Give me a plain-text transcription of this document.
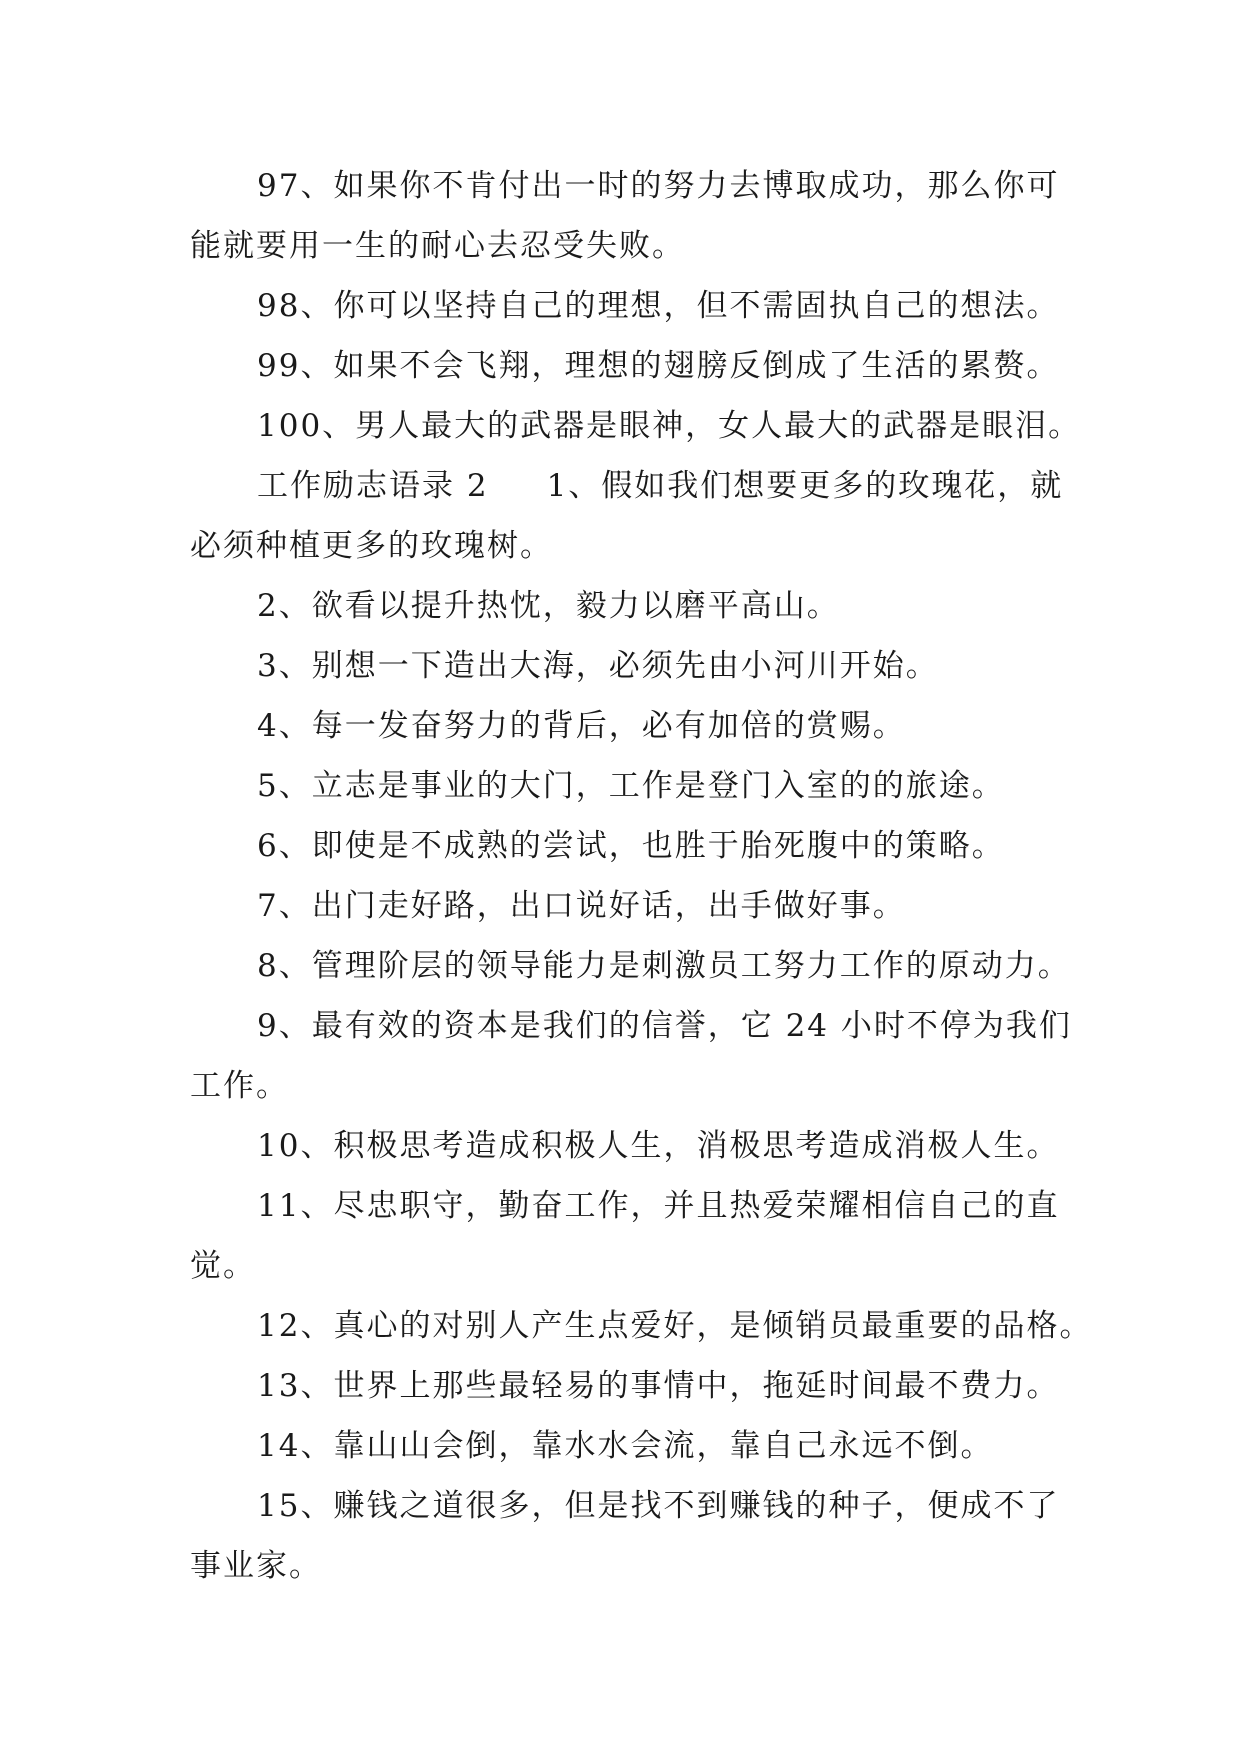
97、如果你不肯付出一时的努力去博取成功，那么你可

能就要用一生的耐心去忍受失败。

98、你可以坚持自己的理想，但不需固执自己的想法。

99、如果不会飞翔，理想的翅膀反倒成了生活的累赘。

100、男人最大的武器是眼神，女人最大的武器是眼泪。

工作励志语录 2 1、假如我们想要更多的玫瑰花，就

必须种植更多的玫瑰树。

2、欲看以提升热忱，毅力以磨平高山。

3、别想一下造出大海，必须先由小河川开始。

4、每一发奋努力的背后，必有加倍的赏赐。

5、立志是事业的大门，工作是登门入室的的旅途。

6、即使是不成熟的尝试，也胜于胎死腹中的策略。

7、出门走好路，出口说好话，出手做好事。

8、管理阶层的领导能力是刺激员工努力工作的原动力。

9、最有效的资本是我们的信誉，它 24 小时不停为我们

工作。

10、积极思考造成积极人生，消极思考造成消极人生。

11、尽忠职守，勤奋工作，并且热爱荣耀相信自己的直

觉。

12、真心的对别人产生点爱好，是倾销员最重要的品格。

13、世界上那些最轻易的事情中，拖延时间最不费力。

14、靠山山会倒，靠水水会流，靠自己永远不倒。

15、赚钱之道很多，但是找不到赚钱的种子，便成不了

事业家。
